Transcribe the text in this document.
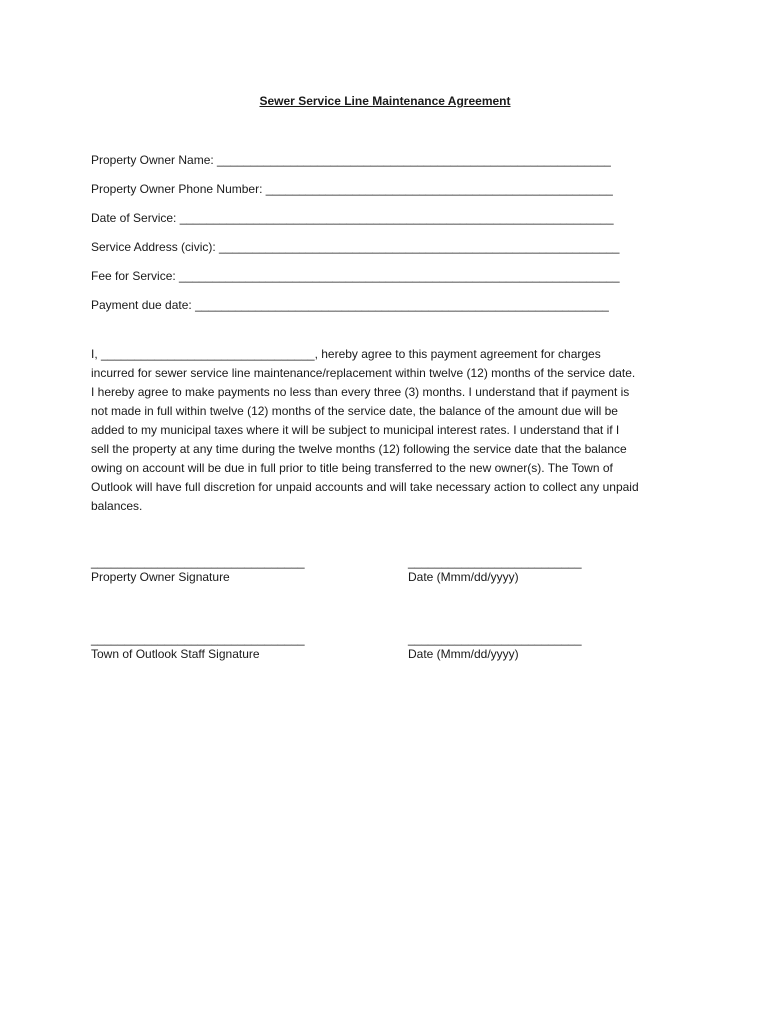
Sewer Service Line Maintenance Agreement
Property Owner Name: ___________________________________________________________
Property Owner Phone Number: ____________________________________________________
Date of Service: _________________________________________________________________
Service Address (civic): ____________________________________________________________
Fee for Service: __________________________________________________________________
Payment due date: ______________________________________________________________
I, ________________________________, hereby agree to this payment agreement for charges
incurred for sewer service line maintenance/replacement within twelve (12) months of the service date.
I hereby agree to make payments no less than every three (3) months. I understand that if payment is
not made in full within twelve (12) months of the service date, the balance of the amount due will be
added to my municipal taxes where it will be subject to municipal interest rates. I understand that if I
sell the property at any time during the twelve months (12) following the service date that the balance
owing on account will be due in full prior to title being transferred to the new owner(s). The Town of
Outlook will have full discretion for unpaid accounts and will take necessary action to collect any unpaid
balances.
________________________________
Property Owner Signature
__________________________
Date (Mmm/dd/yyyy)
________________________________
Town of Outlook Staff Signature
__________________________
Date (Mmm/dd/yyyy)
